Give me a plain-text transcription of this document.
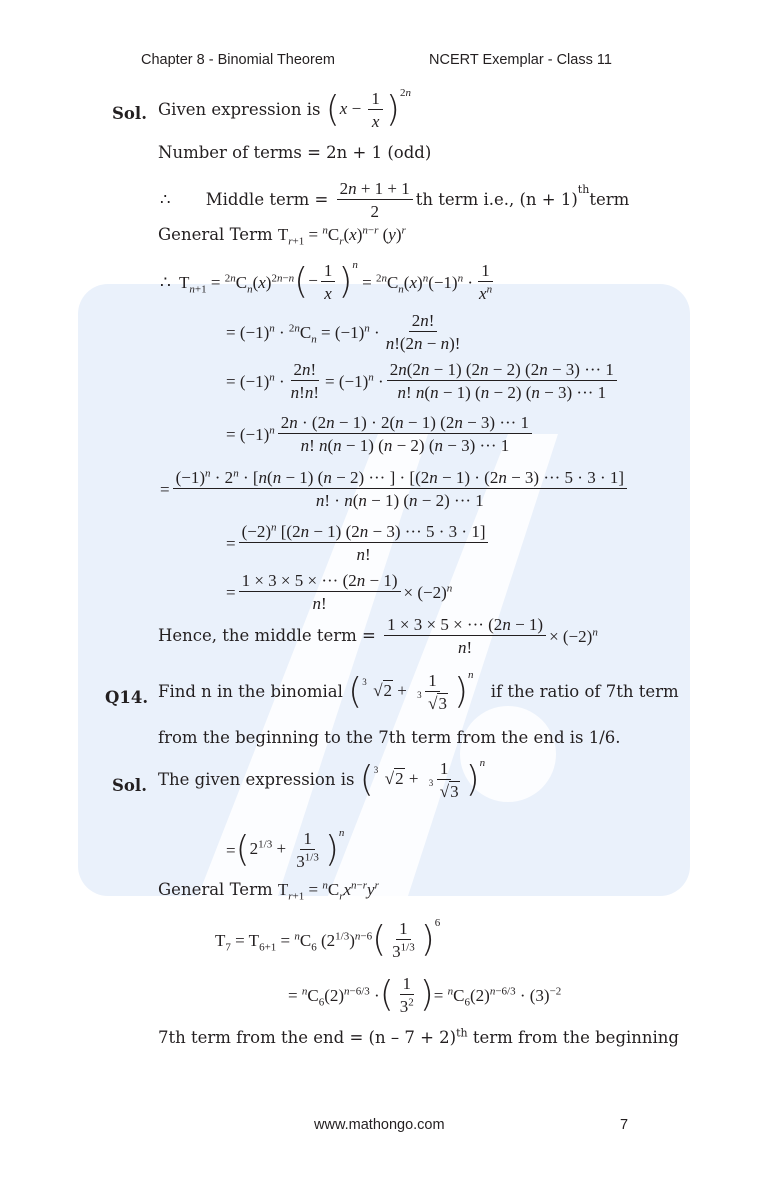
Chapter 8 - Binomial Theorem	NCERT Exemplar - Class 11
Sol. Given expression is $(x - \frac{1}{x} )^{2n}$
Number of terms = 2n + 1 (odd)
∴ Middle term = $\frac{2n + 1 + 1}{2}$ th term i.e., $(n + 1)^{th}term$
General Term $T_{r+1} = ^nC_r(x)^{n-r}$ $(y)^r$
∴  $T_{n+1} = ^{2n}C_n(x)^{2n-n}(- \frac{1}{x} )^n = ^{2n}C_n(x)^n(-1)^n \cdot \frac{1}{x^n}$
= $(-1)^n \cdot ^{2n}C_n = (-1)^n \cdot \frac{2n!}{n!(2n - n)!}$
= $(-1)^n \cdot \frac{2n!}{n!n!} = (-1)^n \cdot \frac{2n(2n - 1) (2n - 2) (2n - 3) \cdot\cdot\cdot 1}{n! n(n - 1) (n - 2) (n - 3) \cdot\cdot\cdot 1}$
= $(-1)^n \frac{2n \cdot (2n - 1) \cdot 2(n - 1) (2n - 3) \cdot\cdot\cdot 1}{n! n(n - 1) (n - 2) (n - 3) \cdot\cdot\cdot 1}$
=
$(-1)^n \cdot 2^n \cdot [n(n - 1) (n - 2)$ ··· ] · [(2n − 1) · (2n − 3) ··· 5 · 3 · 1]
n! · n(n − 1) (n − 2) ··· 1
= $\frac{(-2)^n [(2n - 1) (2n - 3) \cdot\cdot\cdot 5 \cdot 3 \cdot 1]}{n!}$
= $\frac{1 \times 3 \times 5 \times \cdot\cdot\cdot (2n - 1)}{n!} \times (-2)^n$
Hence, the middle term = $\frac{1 \times 3 \times 5 \times \cdot\cdot\cdot (2n - 1)}{n!} \times (-2)^n$
Q14. Find n in the binomial ( 3 $√2 + \frac{1}{3 √3} )^n$ if the ratio of 7th term
from the beginning to the 7th term from the end is 1/6.
Sol. The given expression is ( 3 $√2 + \frac{1}{3 √3} )^n$
$=(2^{1/3} + \frac{1}{3^{1/3}} )^n$
General Term $T_{r+1} = ^nC_rx^{n-r}y^r$
$T_7 = T_{6+1} = ^nC_6$ $(2^{1/3})^{n-6}( \frac{1}{3^{1/3}} )^6$
= $^nC_6(2)^{n-6/3}$ ·( $\frac{1}{3^2}$ )= $^nC_6(2)^{n-6/3} \cdot (3)^{-2}$
7th term from the end = $(n - 7 + 2)^{th}$ term from the beginning
www.mathongo.com	7
